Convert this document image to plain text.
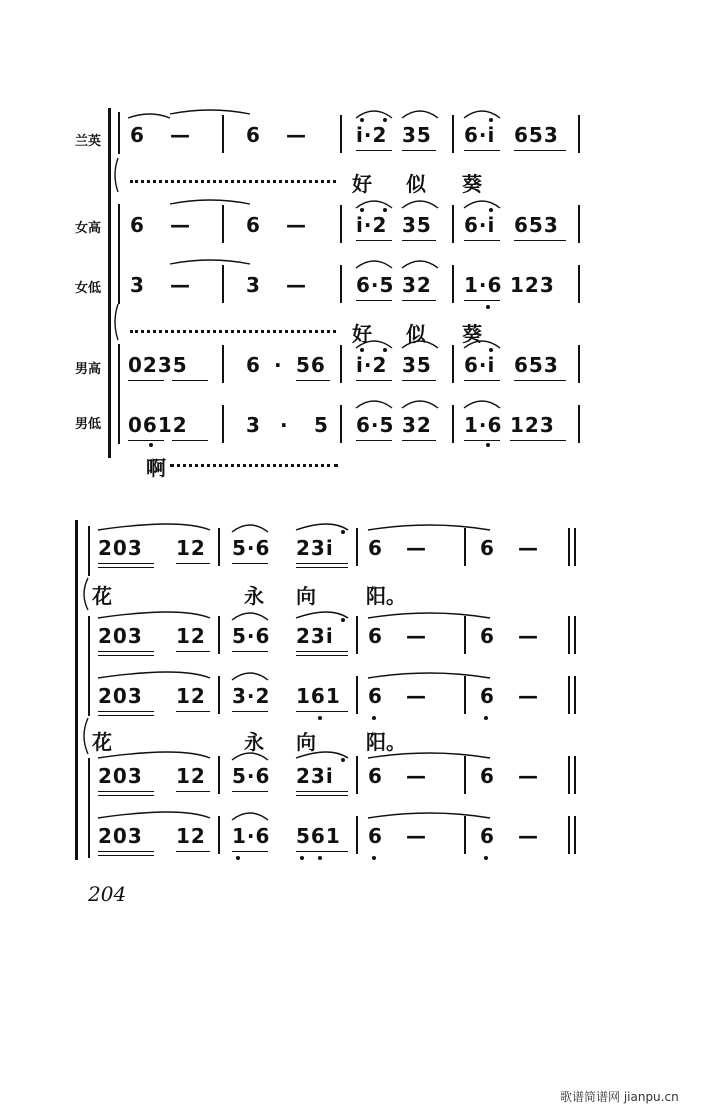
兰英
女高
女低
男高
男低
6 —	6 — i·2 35 6·i 653
好 似 葵
6 —	6 — i·2 35 6·i 653
3 —	3 — 6·5 32 1·6 123
好 似 葵
0235	6 · 56 i·2 35 6·i 653
0612	3 · 5 6·5 32 1·6 123
啊
203 12 5·6 23i 6 —	6 —
花	永 向	阳。
203 12 5·6 23i 6 —	6 —
203 12 3·2 161 6 —	6 —
花	永 向	阳。
203 12 5·6 23i 6 —	6 —
203 12 1·6 561 6 —	6 —
204
歌谱简谱网 jianpu.cn
